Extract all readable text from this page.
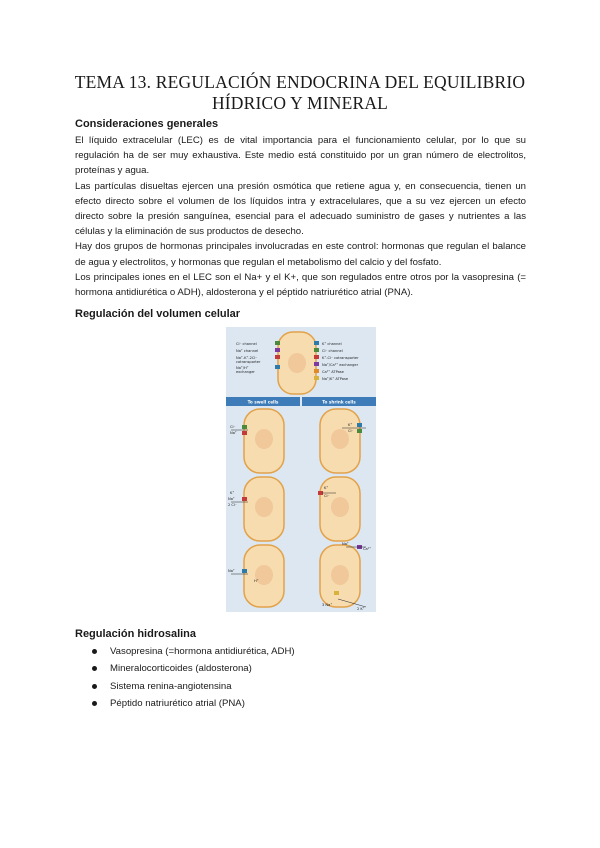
TEMA 13. REGULACIÓN ENDOCRINA DEL EQUILIBRIO
HÍDRICO Y MINERAL
Consideraciones generales

El líquido extracelular (LEC) es de vital importancia para el funcionamiento celular, por lo que su regulación ha de ser muy exhaustiva. Este medio está constituido por un gran número de electrolitos, proteínas y agua.

Las partículas disueltas ejercen una presión osmótica que retiene agua y, en consecuencia, tienen un efecto directo sobre el volumen de los líquidos intra y extracelulares, que a su vez ejercen un efecto directo sobre la presión sanguínea, esencial para el adecuado suministro de gases y nutrientes a las células y la eliminación de sus productos de desecho.

Hay dos grupos de hormonas principales involucradas en este control: hormonas que regulan el balance de agua y electrolitos, y hormonas que regulan el metabolismo del calcio y del fosfato.

Los principales iones en el LEC son el Na+ y el K+, que son regulados entre otros por la vasopresina (= hormona antidiurética o ADH), aldosterona y el péptido natriurético atrial (PNA).

Regulación del volumen celular
Cl⁻ channel
Na⁺ channel
Na⁺-K⁺-2Cl⁻
cotransporter
Na⁺/H⁺
exchanger
K⁺ channel
Cl⁻ channel
K⁺-Cl⁻ cotransporter
Na⁺/Ca²⁺ exchanger
Ca²⁺ ATPase
Na⁺/K⁺ ATPase
To swell cells	To shrink cells
Cl⁻
Na⁺
K⁺
Na⁺
2 Cl⁻
Na⁺
H⁺
K⁺
Cl⁻
K⁺
Cl⁻
Na⁺
Ca²⁺
3 Na⁺
2 K⁺
Regulación hidrosalina
Vasopresina (=hormona antidiurética, ADH)
Mineralocorticoides (aldosterona)
Sistema renina-angiotensina
Péptido natriurético atrial (PNA)
